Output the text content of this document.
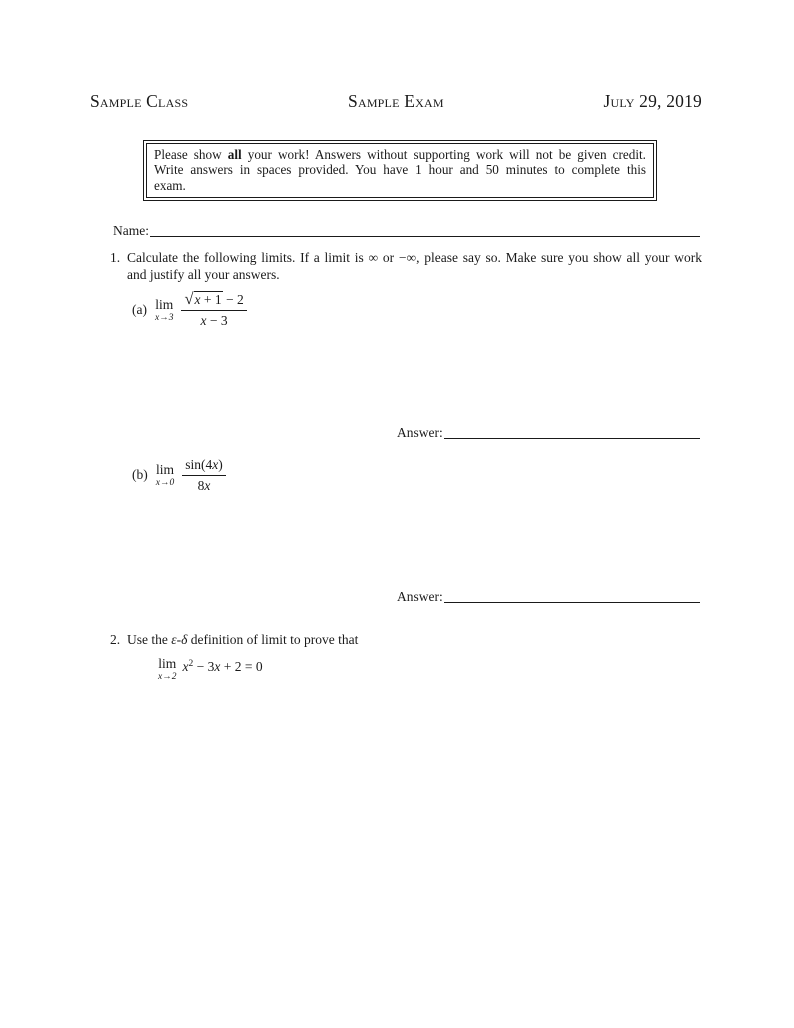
Sample Class	Sample Exam	July 29, 2019
Please show all your work! Answers without supporting work will not be given credit.
Write answers in spaces provided. You have 1 hour and 50 minutes to complete this
exam.
Name:
1. Calculate the following limits. If a limit is ∞ or −∞, please say so. Make sure you show all your work
and justify all your answers.
(a) lim
$x\to 3 \frac{√x + 1 - 2}{x - 3}$
Answer:
(b) lim
$x\to 0 \frac{\sin(4x)}{8x}$
Answer:
2. Use the ε-δ definition of limit to prove that
lim
x→2
$x^2 - 3x + 2 = 0$
